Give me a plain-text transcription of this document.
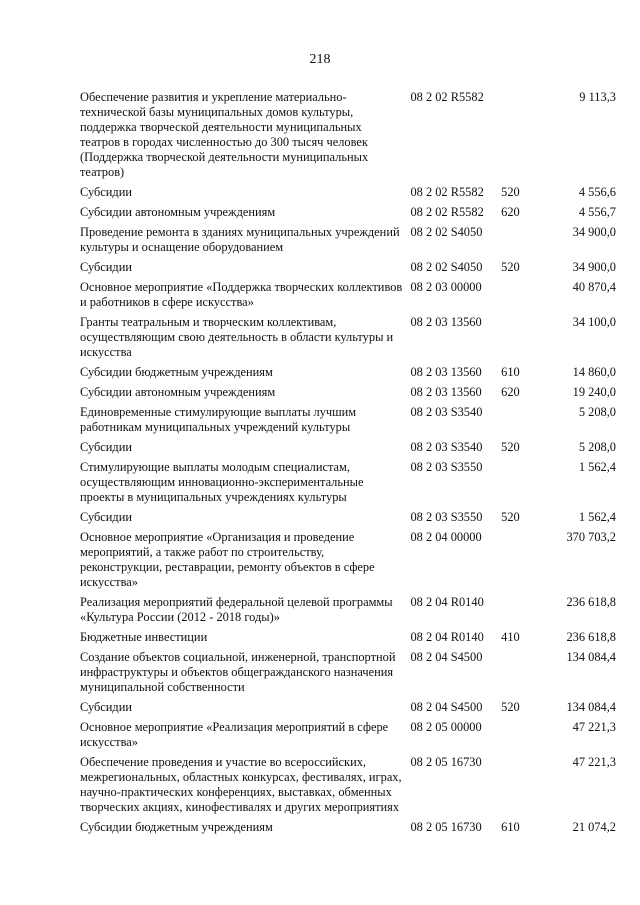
218
Обеспечение развития и укрепление материально-технической базы муниципальных домов культуры, поддержка творческой деятельности муниципальных театров в городах численностью до 300 тысяч человек (Поддержка творческой деятельности муниципальных театров)	08 2 02 R5582		9 113,3
Субсидии	08 2 02 R5582	520	4 556,6
Субсидии автономным учреждениям	08 2 02 R5582	620	4 556,7
Проведение ремонта в зданиях муниципальных учреждений культуры и оснащение оборудованием	08 2 02 S4050		34 900,0
Субсидии	08 2 02 S4050	520	34 900,0
Основное мероприятие «Поддержка творческих коллективов и работников в сфере искусства»	08 2 03 00000		40 870,4
Гранты театральным и творческим коллективам, осуществляющим свою деятельность в области культуры и искусства	08 2 03 13560		34 100,0
Субсидии бюджетным учреждениям	08 2 03 13560	610	14 860,0
Субсидии автономным учреждениям	08 2 03 13560	620	19 240,0
Единовременные стимулирующие выплаты лучшим работникам муниципальных учреждений культуры	08 2 03 S3540		5 208,0
Субсидии	08 2 03 S3540	520	5 208,0
Стимулирующие выплаты молодым специалистам, осуществляющим инновационно-экспериментальные проекты в муниципальных учреждениях культуры	08 2 03 S3550		1 562,4
Субсидии	08 2 03 S3550	520	1 562,4
Основное мероприятие «Организация и проведение мероприятий, а также работ по строительству, реконструкции, реставрации, ремонту объектов в сфере искусства»	08 2 04 00000		370 703,2
Реализация мероприятий федеральной целевой программы «Культура России (2012 - 2018 годы)»	08 2 04 R0140		236 618,8
Бюджетные инвестиции	08 2 04 R0140	410	236 618,8
Создание объектов социальной, инженерной, транспортной инфраструктуры и объектов общегражданского назначения муниципальной собственности	08 2 04 S4500		134 084,4
Субсидии	08 2 04 S4500	520	134 084,4
Основное мероприятие «Реализация мероприятий в сфере искусства»	08 2 05 00000		47 221,3
Обеспечение проведения и участие во всероссийских, межрегиональных, областных конкурсах, фестивалях, играх, научно-практических конференциях, выставках, обменных творческих акциях, кинофестивалях и других мероприятиях	08 2 05 16730		47 221,3
Субсидии бюджетным учреждениям	08 2 05 16730	610	21 074,2
